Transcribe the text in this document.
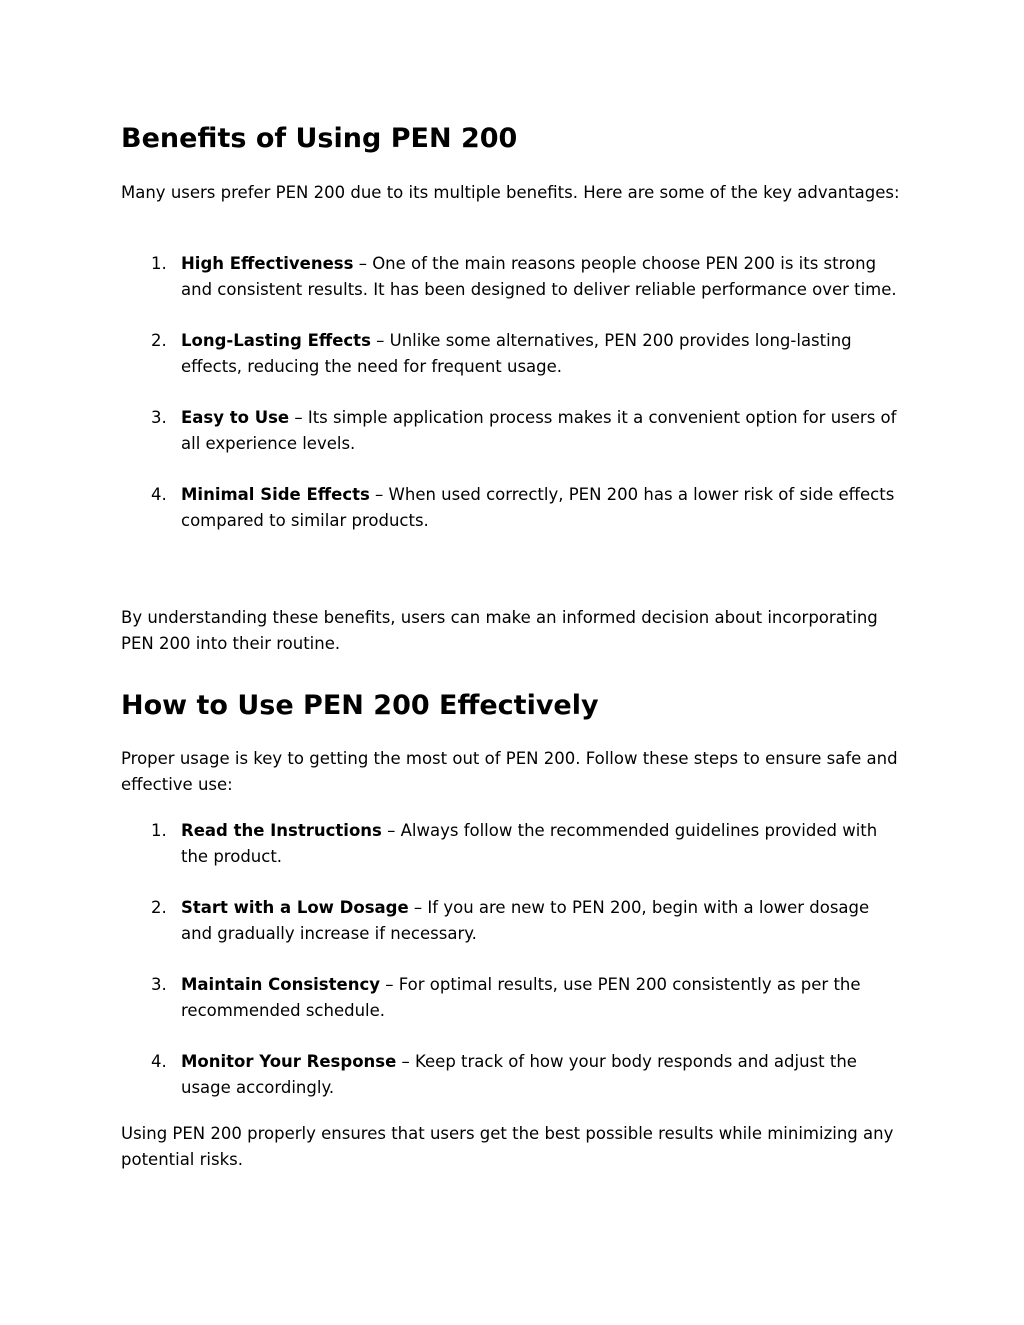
Benefits of Using PEN 200

Many users prefer PEN 200 due to its multiple benefits. Here are some of the key advantages:

1. High Effectiveness – One of the main reasons people choose PEN 200 is its strong and consistent results. It has been designed to deliver reliable performance over time.
2. Long-Lasting Effects – Unlike some alternatives, PEN 200 provides long-lasting effects, reducing the need for frequent usage.
3. Easy to Use – Its simple application process makes it a convenient option for users of all experience levels.
4. Minimal Side Effects – When used correctly, PEN 200 has a lower risk of side effects compared to similar products.

By understanding these benefits, users can make an informed decision about incorporating PEN 200 into their routine.

How to Use PEN 200 Effectively

Proper usage is key to getting the most out of PEN 200. Follow these steps to ensure safe and effective use:

1. Read the Instructions – Always follow the recommended guidelines provided with the product.
2. Start with a Low Dosage – If you are new to PEN 200, begin with a lower dosage and gradually increase if necessary.
3. Maintain Consistency – For optimal results, use PEN 200 consistently as per the recommended schedule.
4. Monitor Your Response – Keep track of how your body responds and adjust the usage accordingly.

Using PEN 200 properly ensures that users get the best possible results while minimizing any potential risks.
